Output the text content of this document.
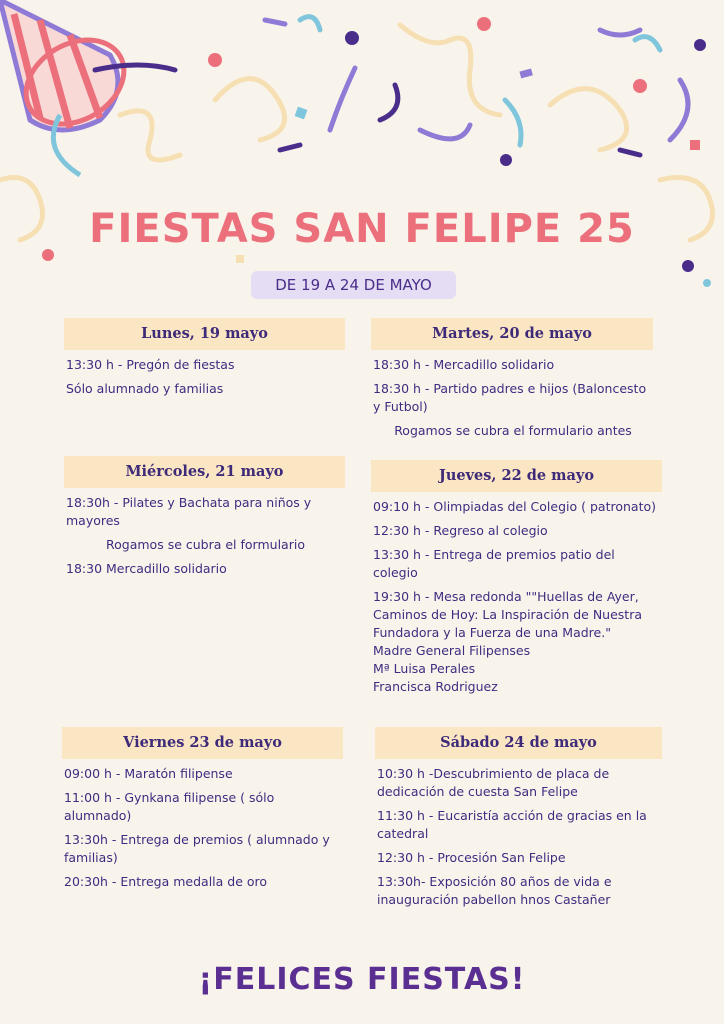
FIESTAS SAN FELIPE 25
DE 19 A 24 DE MAYO
Lunes, 19 mayo
13:30 h - Pregón de fiestas
Sólo alumnado y familias
Martes, 20 de mayo
18:30 h - Mercadillo solidario
18:30 h - Partido padres e hijos (Baloncesto y Futbol)
Rogamos se cubra el formulario antes
Miércoles, 21 mayo
18:30h - Pilates y Bachata para niños y mayores
Rogamos se cubra el formulario
18:30 Mercadillo solidario
Jueves, 22 de mayo
09:10 h - Olimpiadas del Colegio ( patronato)
12:30 h - Regreso al colegio
13:30 h - Entrega de premios patio del colegio
19:30 h - Mesa redonda ""Huellas de Ayer, Caminos de Hoy: La Inspiración de Nuestra Fundadora y la Fuerza de una Madre."
Madre General Filipenses
Mª Luisa Perales
Francisca Rodriguez
Viernes 23 de mayo
09:00 h - Maratón filipense
11:00 h - Gynkana filipense ( sólo alumnado)
13:30h - Entrega de premios ( alumnado y familias)
20:30h - Entrega medalla de oro
Sábado 24 de mayo
10:30 h -Descubrimiento de placa de dedicación de cuesta San Felipe
11:30 h - Eucaristía acción de gracias en la catedral
12:30 h - Procesión San Felipe
13:30h- Exposición 80 años de vida e inauguración pabellon hnos Castañer
¡FELICES FIESTAS!
